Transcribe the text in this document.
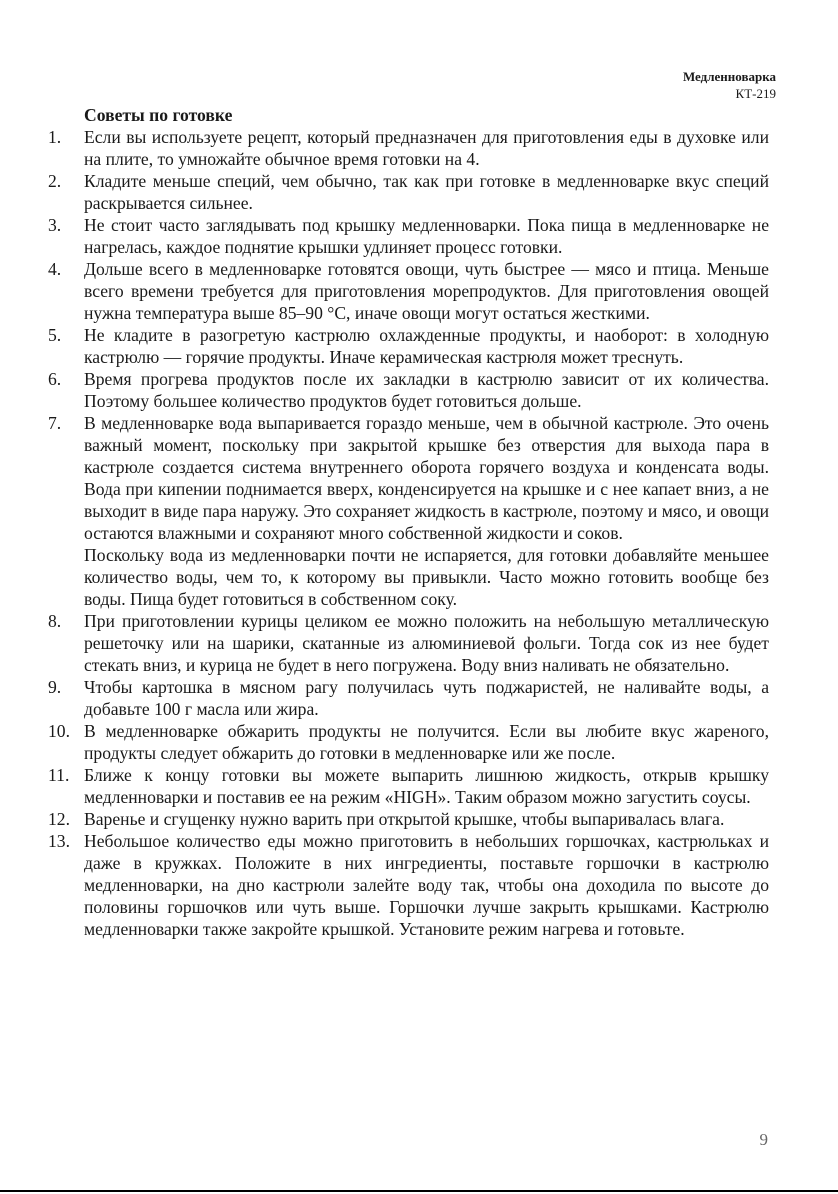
Медленноварка
КТ-219
Советы по готовке
1.	Если вы используете рецепт, который предназначен для приготовления еды в духовке или на плите, то умножайте обычное время готовки на 4.

2.	Кладите меньше специй, чем обычно, так как при готовке в медленноварке вкус специй раскрывается сильнее.

3.	Не стоит часто заглядывать под крышку медленноварки. Пока пища в медленноварке не нагрелась, каждое поднятие крышки удлиняет процесс готовки.

4.	Дольше всего в медленноварке готовятся овощи, чуть быстрее — мясо и птица. Меньше всего времени требуется для приготовления морепродуктов. Для приготовления овощей нужна температура выше 85–90 °C, иначе овощи могут остаться жесткими.

5.	Не кладите в разогретую кастрюлю охлажденные продукты, и наоборот: в холодную кастрюлю — горячие продукты. Иначе керамическая кастрюля может треснуть.

6.	Время прогрева продуктов после их закладки в кастрюлю зависит от их количества. Поэтому большее количество продуктов будет готовиться дольше.

7.	В медленноварке вода выпаривается гораздо меньше, чем в обычной кастрюле. Это очень важный момент, поскольку при закрытой крышке без отверстия для выхода пара в кастрюле создается система внутреннего оборота горячего воздуха и конденсата воды. Вода при кипении поднимается вверх, конденсируется на крышке и с нее капает вниз, а не выходит в виде пара наружу. Это сохраняет жидкость в кастрюле, поэтому и мясо, и овощи остаются влажными и сохраняют много собственной жидкости и соков.

Поскольку вода из медленноварки почти не испаряется, для готовки добавляйте меньшее количество воды, чем то, к которому вы привыкли. Часто можно готовить вообще без воды. Пища будет готовиться в собственном соку.

8.	При приготовлении курицы целиком ее можно положить на небольшую металлическую решеточку или на шарики, скатанные из алюминиевой фольги. Тогда сок из нее будет стекать вниз, и курица не будет в него погружена. Воду вниз наливать не обязательно.

9.	Чтобы картошка в мясном рагу получилась чуть поджаристей, не наливайте воды, а добавьте 100 г масла или жира.

10. В медленноварке обжарить продукты не получится. Если вы любите вкус жареного, продукты следует обжарить до готовки в медленноварке или же после.

11. Ближе к концу готовки вы можете выпарить лишнюю жидкость, открыв крышку медленноварки и поставив ее на режим «HIGH». Таким образом можно загустить соусы.

12. Варенье и сгущенку нужно варить при открытой крышке, чтобы выпаривалась влага.

13. Небольшое количество еды можно приготовить в небольших горшочках, кастрюльках и даже в кружках. Положите в них ингредиенты, поставьте горшочки в кастрюлю медленноварки, на дно кастрюли залейте воду так, чтобы она доходила по высоте до половины горшочков или чуть выше. Горшочки лучше закрыть крышками. Кастрюлю медленноварки также закройте крышкой. Установите режим нагрева и готовьте.

9
